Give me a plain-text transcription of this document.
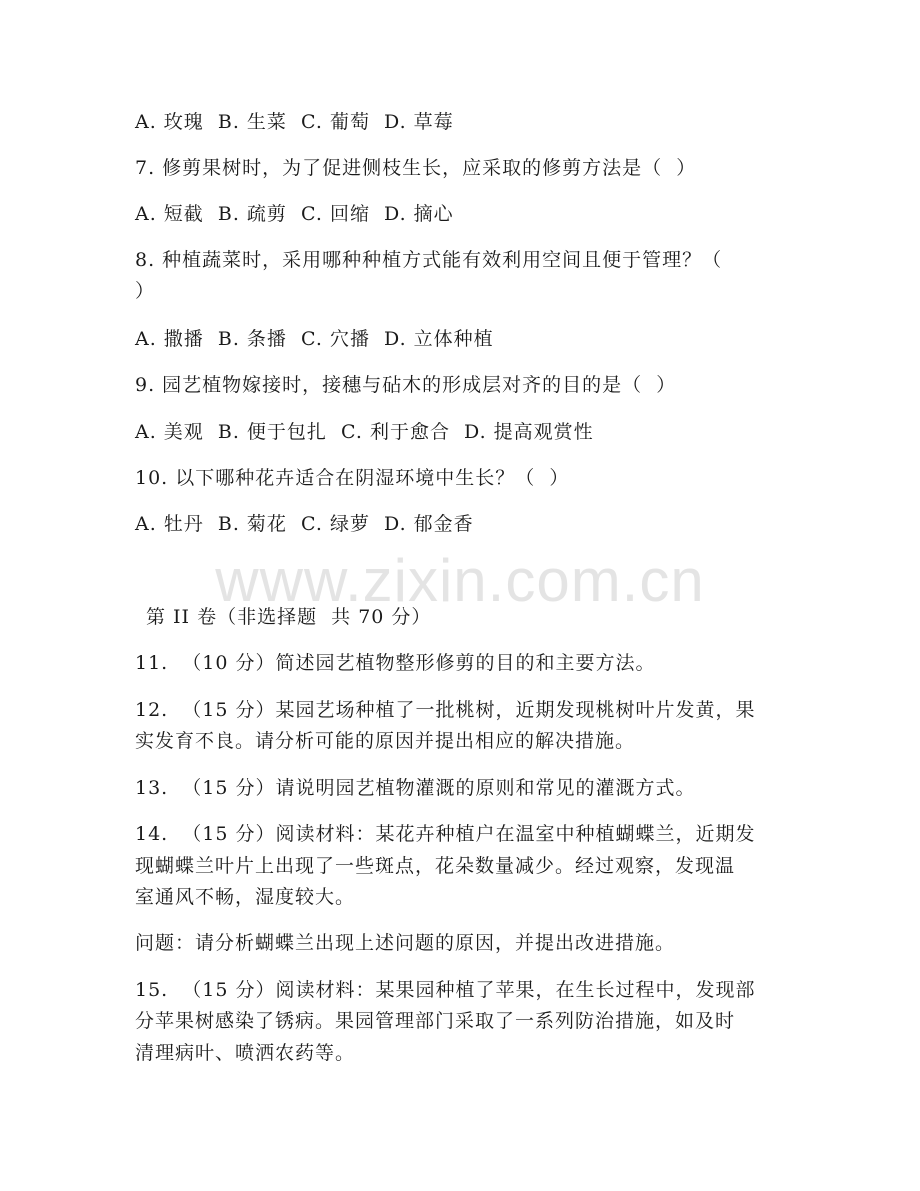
A. 玫瑰  B. 生菜  C. 葡萄  D. 草莓
7. 修剪果树时，为了促进侧枝生长，应采取的修剪方法是（  ）
A. 短截  B. 疏剪  C. 回缩  D. 摘心
8. 种植蔬菜时，采用哪种种植方式能有效利用空间且便于管理？（
）
A. 撒播  B. 条播  C. 穴播  D. 立体种植
9. 园艺植物嫁接时，接穗与砧木的形成层对齐的目的是（  ）
A. 美观  B. 便于包扎  C. 利于愈合  D. 提高观赏性
10. 以下哪种花卉适合在阴湿环境中生长？（  ）
A. 牡丹  B. 菊花  C. 绿萝  D. 郁金香
www.zixin.com.cn
第 II 卷（非选择题  共 70 分）
11.  （10 分）简述园艺植物整形修剪的目的和主要方法。
12.  （15 分）某园艺场种植了一批桃树，近期发现桃树叶片发黄，果
实发育不良。请分析可能的原因并提出相应的解决措施。
13.  （15 分）请说明园艺植物灌溉的原则和常见的灌溉方式。
14.  （15 分）阅读材料：某花卉种植户在温室中种植蝴蝶兰，近期发
现蝴蝶兰叶片上出现了一些斑点，花朵数量减少。经过观察，发现温
室通风不畅，湿度较大。
问题：请分析蝴蝶兰出现上述问题的原因，并提出改进措施。
15.  （15 分）阅读材料：某果园种植了苹果，在生长过程中，发现部
分苹果树感染了锈病。果园管理部门采取了一系列防治措施，如及时
清理病叶、喷洒农药等。
